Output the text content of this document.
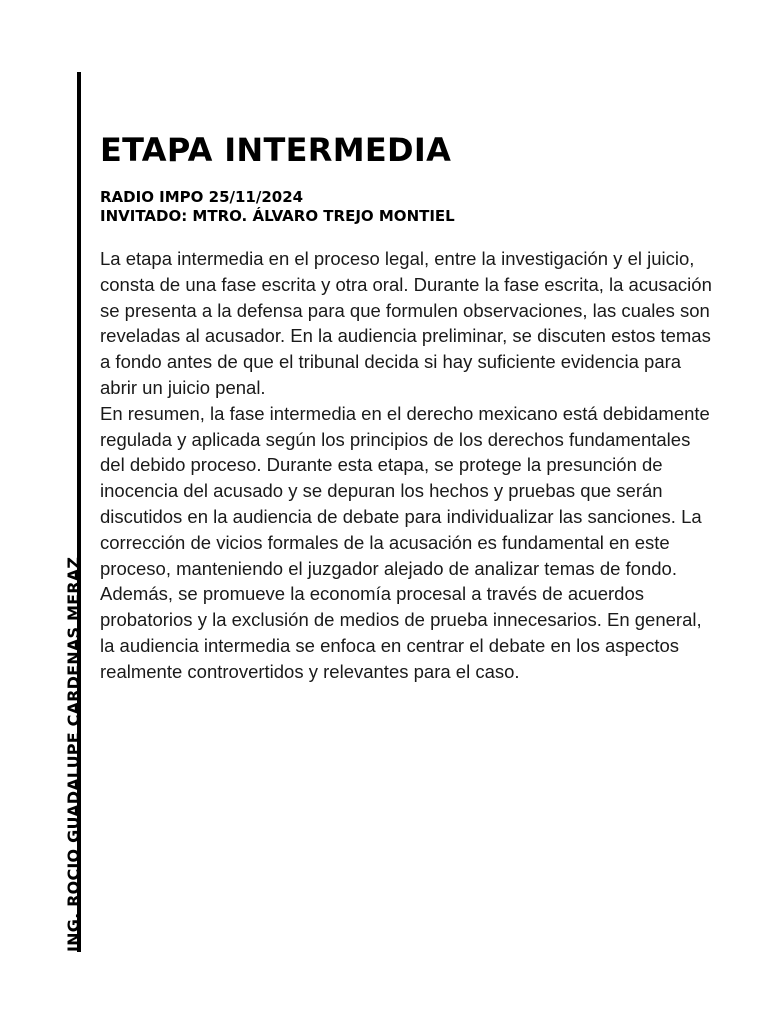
ING. ROCIO GUADALUPE CARDENAS MERAZ
ETAPA INTERMEDIA
RADIO IMPO 25/11/2024
INVITADO: MTRO. ÁLVARO TREJO MONTIEL

La etapa intermedia en el proceso legal, entre la investigación y el juicio, consta de una fase escrita y otra oral. Durante la fase escrita, la acusación se presenta a la defensa para que formulen observaciones, las cuales son reveladas al acusador. En la audiencia preliminar, se discuten estos temas a fondo antes de que el tribunal decida si hay suficiente evidencia para abrir un juicio penal.

En resumen, la fase intermedia en el derecho mexicano está debidamente regulada y aplicada según los principios de los derechos fundamentales del debido proceso. Durante esta etapa, se protege la presunción de inocencia del acusado y se depuran los hechos y pruebas que serán discutidos en la audiencia de debate para individualizar las sanciones. La corrección de vicios formales de la acusación es fundamental en este proceso, manteniendo el juzgador alejado de analizar temas de fondo. Además, se promueve la economía procesal a través de acuerdos probatorios y la exclusión de medios de prueba innecesarios. En general, la audiencia intermedia se enfoca en centrar el debate en los aspectos realmente controvertidos y relevantes para el caso.
